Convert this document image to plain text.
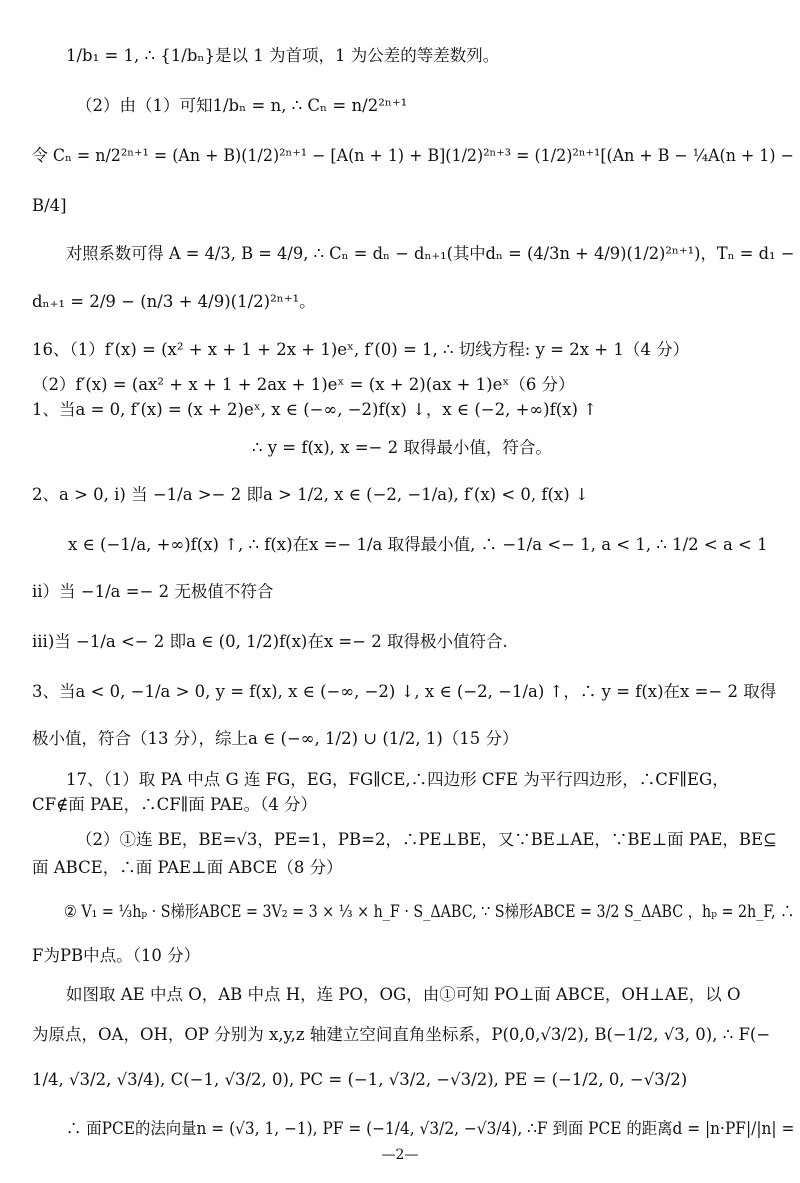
1/b₁ = 1, ∴ {1/bₙ}是以 1 为首项，1 为公差的等差数列。
（2）由（1）可知1/bₙ = n, ∴ Cₙ = n/2²ⁿ⁺¹
令 Cₙ = n/2²ⁿ⁺¹ = (An + B)(1/2)²ⁿ⁺¹ − [A(n + 1) + B](1/2)²ⁿ⁺³ = (1/2)²ⁿ⁺¹[(An + B − ¼A(n + 1) −
B/4]
对照系数可得 A = 4/3, B = 4/9, ∴ Cₙ = dₙ − dₙ₊₁(其中dₙ = (4/3n + 4/9)(1/2)²ⁿ⁺¹)，Tₙ = d₁ −
dₙ₊₁ = 2/9 − (n/3 + 4/9)(1/2)²ⁿ⁺¹。
16、（1）f′(x) = (x² + x + 1 + 2x + 1)eˣ, f′(0) = 1, ∴ 切线方程: y = 2x + 1（4 分）
（2）f′(x) = (ax² + x + 1 + 2ax + 1)eˣ = (x + 2)(ax + 1)eˣ（6 分）
1、当a = 0, f′(x) = (x + 2)eˣ, x ∈ (−∞, −2)f(x) ↓，x ∈ (−2, +∞)f(x) ↑
∴ y = f(x), x =− 2 取得最小值，符合。
2、a > 0, i) 当 −1/a >− 2 即a > 1/2, x ∈ (−2, −1/a), f′(x) < 0, f(x) ↓
x ∈ (−1/a, +∞)f(x) ↑, ∴ f(x)在x =− 1/a 取得最小值, ∴ −1/a <− 1, a < 1, ∴ 1/2 < a < 1
ii）当 −1/a =− 2 无极值不符合
iii)当 −1/a <− 2 即a ∈ (0, 1/2)f(x)在x =− 2 取得极小值符合.
3、当a < 0, −1/a > 0, y = f(x), x ∈ (−∞, −2) ↓, x ∈ (−2, −1/a) ↑，∴ y = f(x)在x =− 2 取得
极小值，符合（13 分），综上a ∈ (−∞, 1/2) ∪ (1/2, 1)（15 分）
17、（1）取 PA 中点 G 连 FG，EG，FG∥CE,∴四边形 CFE 为平行四边形，∴CF∥EG，
CF∉面 PAE，∴CF∥面 PAE。（4 分）
（2）①连 BE，BE=√3，PE=1，PB=2，∴PE⊥BE，又∵BE⊥AE，∵BE⊥面 PAE，BE⊆
面 ABCE，∴面 PAE⊥面 ABCE（8 分）
② V₁ = ⅓hₚ · S梯形ABCE = 3V₂ = 3 × ⅓ × h_F · S_ΔABC, ∵ S梯形ABCE = 3/2 S_ΔABC ，hₚ = 2h_F, ∴
F为PB中点。（10 分）
如图取 AE 中点 O，AB 中点 H，连 PO，OG，由①可知 PO⊥面 ABCE，OH⊥AE，以 O
为原点，OA，OH，OP 分别为 x,y,z 轴建立空间直角坐标系，P(0,0,√3/2), B(−1/2, √3, 0), ∴ F(−
1/4, √3/2, √3/4), C(−1, √3/2, 0), PC = (−1, √3/2, −√3/2), PE = (−1/2, 0, −√3/2)
∴ 面PCE的法向量n = (√3, 1, −1), PF = (−1/4, √3/2, −√3/4), ∴F 到面 PCE 的距离d = |n·PF|/|n| =
—2—
